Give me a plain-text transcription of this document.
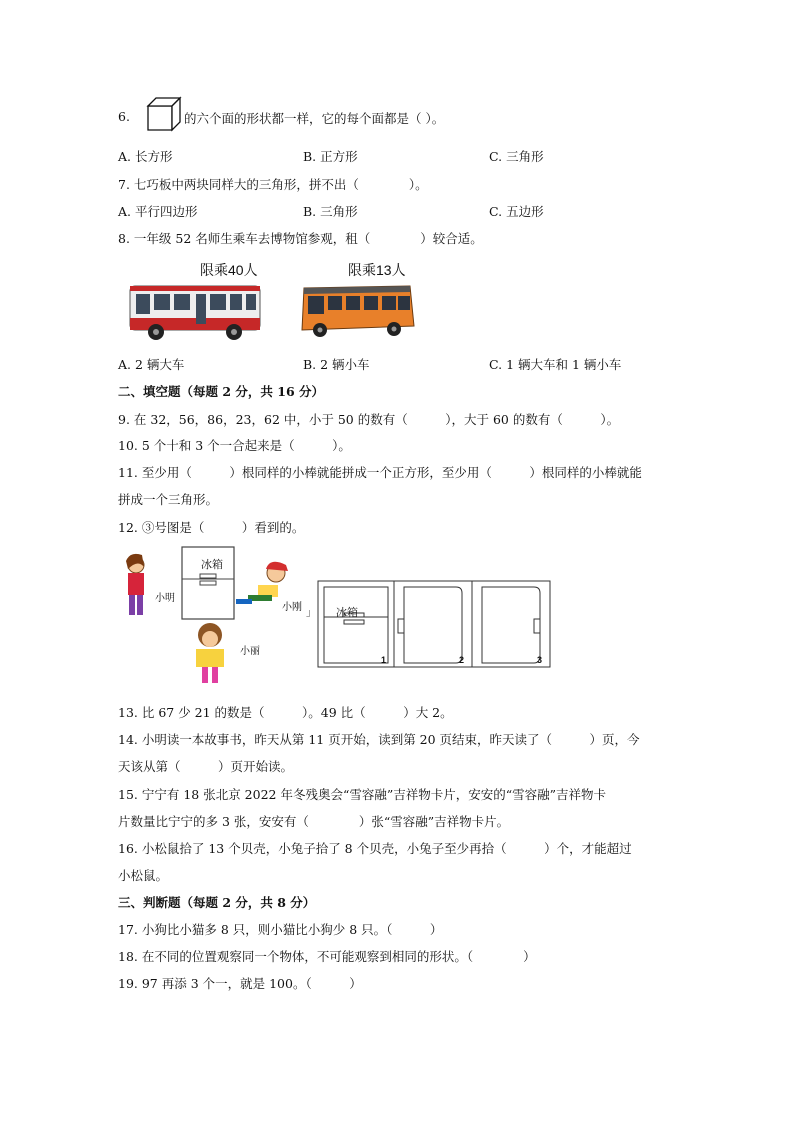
6.	的六个面的形状都一样，它的每个面都是（ ）。
A. 长方形	B. 正方形	C. 三角形
7. 七巧板中两块同样大的三角形，拼不出（　　　　）。
A. 平行四边形	B. 三角形	C. 五边形
8. 一年级 52 名师生乘车去博物馆参观，租（　　　　）较合适。
限乘40人	限乘13人
A. 2 辆大车	B. 2 辆小车	C. 1 辆大车和 1 辆小车
二、填空题（每题 2 分，共 16 分）
9. 在 32，56，86，23，62 中，小于 50 的数有（　　　），大于 60 的数有（　　　）。
10. 5 个十和 3 个一合起来是（　　　）。
11. 至少用（　　　）根同样的小棒就能拼成一个正方形，至少用（　　　）根同样的小棒就能
拼成一个三角形。
12. ③号图是（　　　）看到的。
冰箱
小明
小刚
小丽
」 冰箱
1	2	3
13. 比 67 少 21 的数是（　　　）。49 比（　　　）大 2。
14. 小明读一本故事书，昨天从第 11 页开始，读到第 20 页结束，昨天读了（　　　）页，今
天该从第（　　　）页开始读。
15. 宁宁有 18 张北京 2022 年冬残奥会“雪容融”吉祥物卡片，安安的“雪容融”吉祥物卡
片数量比宁宁的多 3 张，安安有（　　　　）张“雪容融”吉祥物卡片。
16. 小松鼠拾了 13 个贝壳，小兔子拾了 8 个贝壳，小兔子至少再拾（　　　）个，才能超过
小松鼠。
三、判断题（每题 2 分，共 8 分）
17. 小狗比小猫多 8 只，则小猫比小狗少 8 只。（　　　）
18. 在不同的位置观察同一个物体，不可能观察到相同的形状。（　　　　）
19. 97 再添 3 个一，就是 100。（　　　）
